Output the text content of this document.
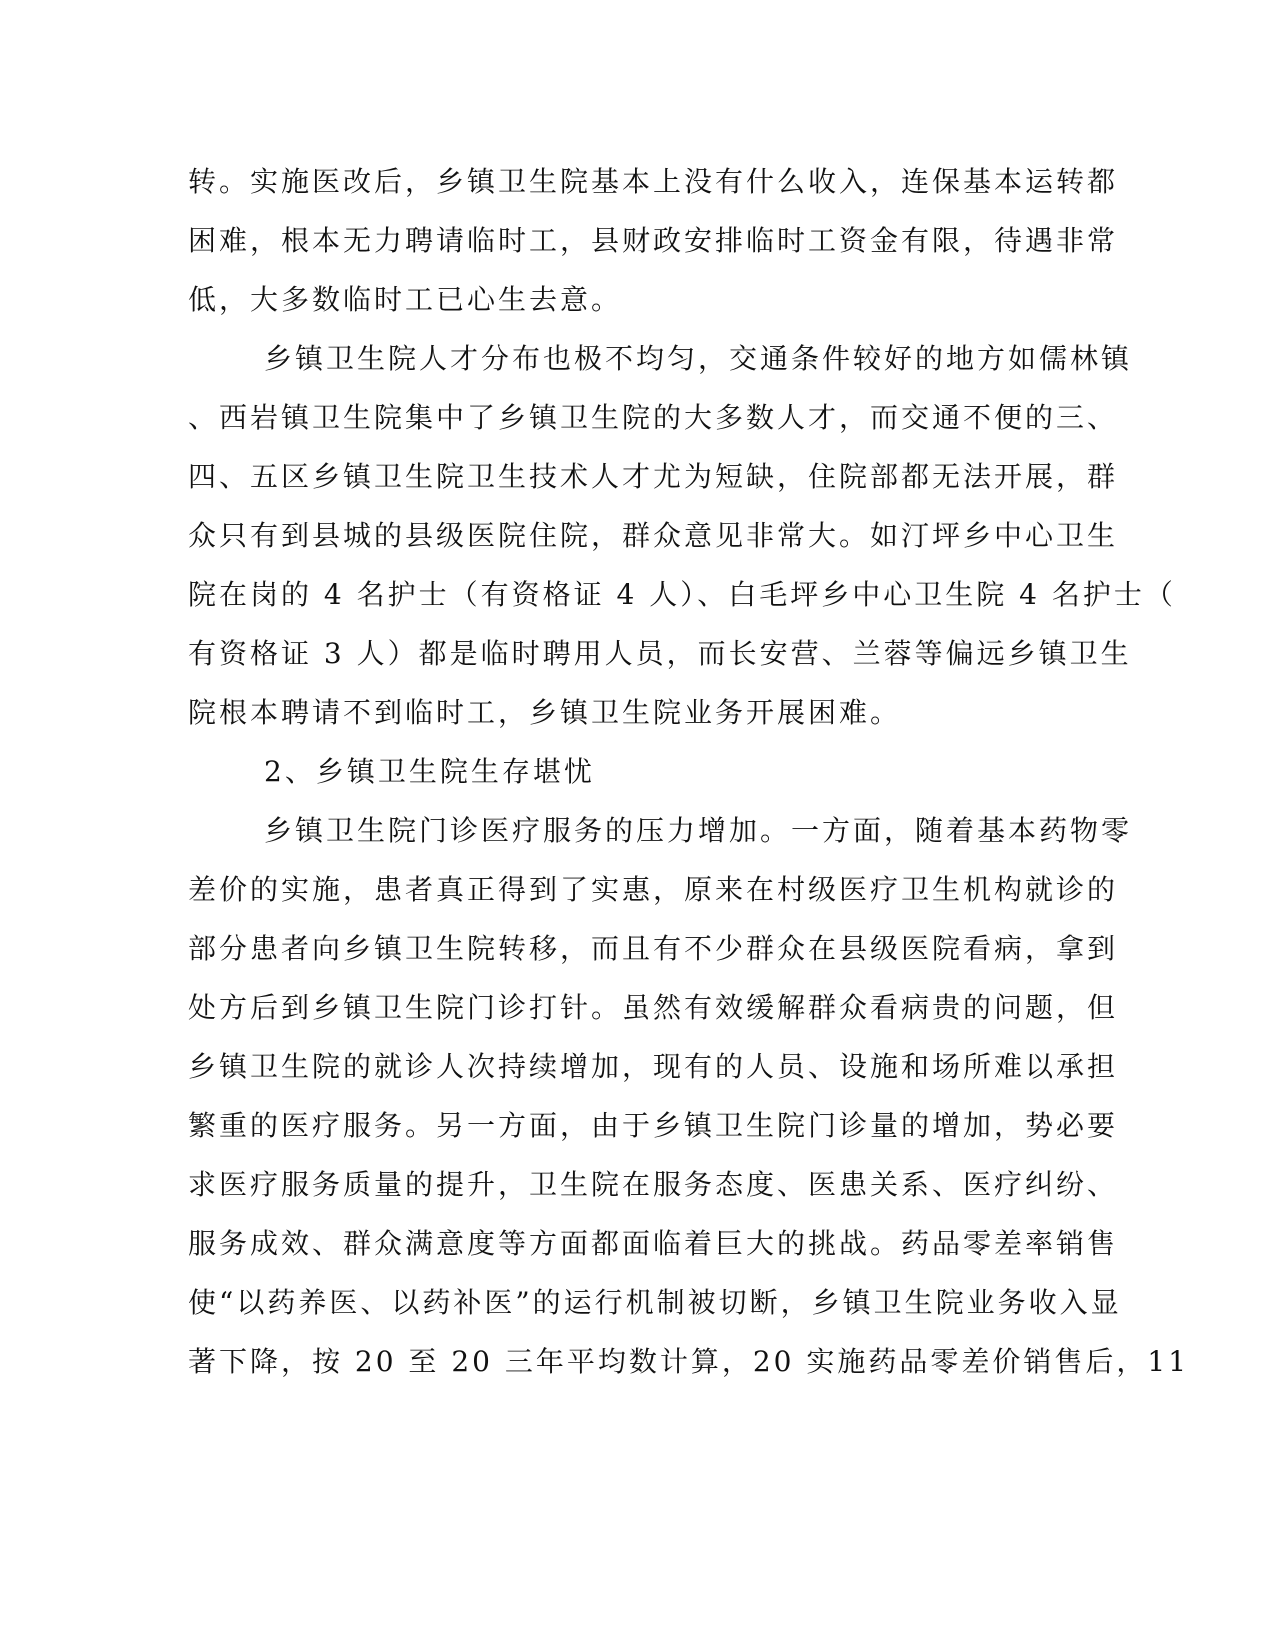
转。实施医改后，乡镇卫生院基本上没有什么收入，连保基本运转都
困难，根本无力聘请临时工，县财政安排临时工资金有限，待遇非常
低，大多数临时工已心生去意。
乡镇卫生院人才分布也极不均匀，交通条件较好的地方如儒林镇
、西岩镇卫生院集中了乡镇卫生院的大多数人才，而交通不便的三、
四、五区乡镇卫生院卫生技术人才尤为短缺，住院部都无法开展，群
众只有到县城的县级医院住院，群众意见非常大。如汀坪乡中心卫生
院在岗的 4 名护士（有资格证 4 人）、白毛坪乡中心卫生院 4 名护士（
有资格证 3 人）都是临时聘用人员，而长安营、兰蓉等偏远乡镇卫生
院根本聘请不到临时工，乡镇卫生院业务开展困难。
2、乡镇卫生院生存堪忧
乡镇卫生院门诊医疗服务的压力增加。一方面，随着基本药物零
差价的实施，患者真正得到了实惠，原来在村级医疗卫生机构就诊的
部分患者向乡镇卫生院转移，而且有不少群众在县级医院看病，拿到
处方后到乡镇卫生院门诊打针。虽然有效缓解群众看病贵的问题，但
乡镇卫生院的就诊人次持续增加，现有的人员、设施和场所难以承担
繁重的医疗服务。另一方面，由于乡镇卫生院门诊量的增加，势必要
求医疗服务质量的提升，卫生院在服务态度、医患关系、医疗纠纷、
服务成效、群众满意度等方面都面临着巨大的挑战。药品零差率销售
使“以药养医、以药补医”的运行机制被切断，乡镇卫生院业务收入显
著下降，按 20 至 20 三年平均数计算，20 实施药品零差价销售后，11
